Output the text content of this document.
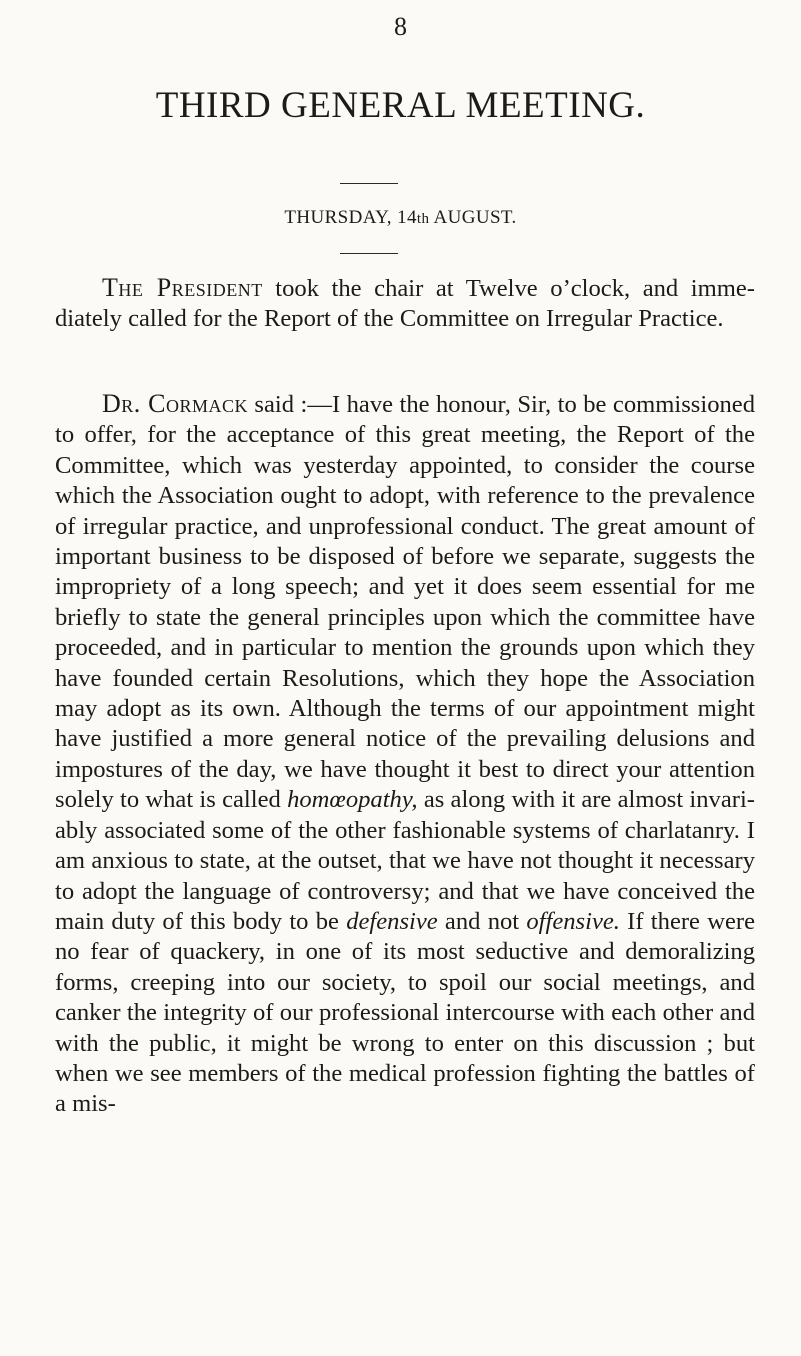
8
THIRD GENERAL MEETING.
THURSDAY, 14th AUGUST.

The President took the chair at Twelve o’clock, and immediately called for the Report of the Committee on Irregular Practice.

Dr. Cormack said :—I have the honour, Sir, to be commissioned to offer, for the acceptance of this great meeting, the Report of the Committee, which was yesterday appointed, to consider the course which the Association ought to adopt, with reference to the prevalence of irregular practice, and unprofessional conduct. The great amount of important business to be disposed of before we separate, suggests the impropriety of a long speech; and yet it does seem essential for me briefly to state the general principles upon which the committee have proceeded, and in particular to mention the grounds upon which they have founded certain Resolutions, which they hope the Association may adopt as its own. Although the terms of our appointment might have justified a more general notice of the prevailing delusions and impostures of the day, we have thought it best to direct your attention solely to what is called homœopathy, as along with it are almost invariably associated some of the other fashionable systems of charlatanry. I am anxious to state, at the outset, that we have not thought it necessary to adopt the language of controversy; and that we have conceived the main duty of this body to be defensive and not offensive. If there were no fear of quackery, in one of its most seductive and demoralizing forms, creeping into our society, to spoil our social meetings, and canker the integrity of our professional intercourse with each other and with the public, it might be wrong to enter on this discussion ; but when we see members of the medical profession fighting the battles of a mis-
